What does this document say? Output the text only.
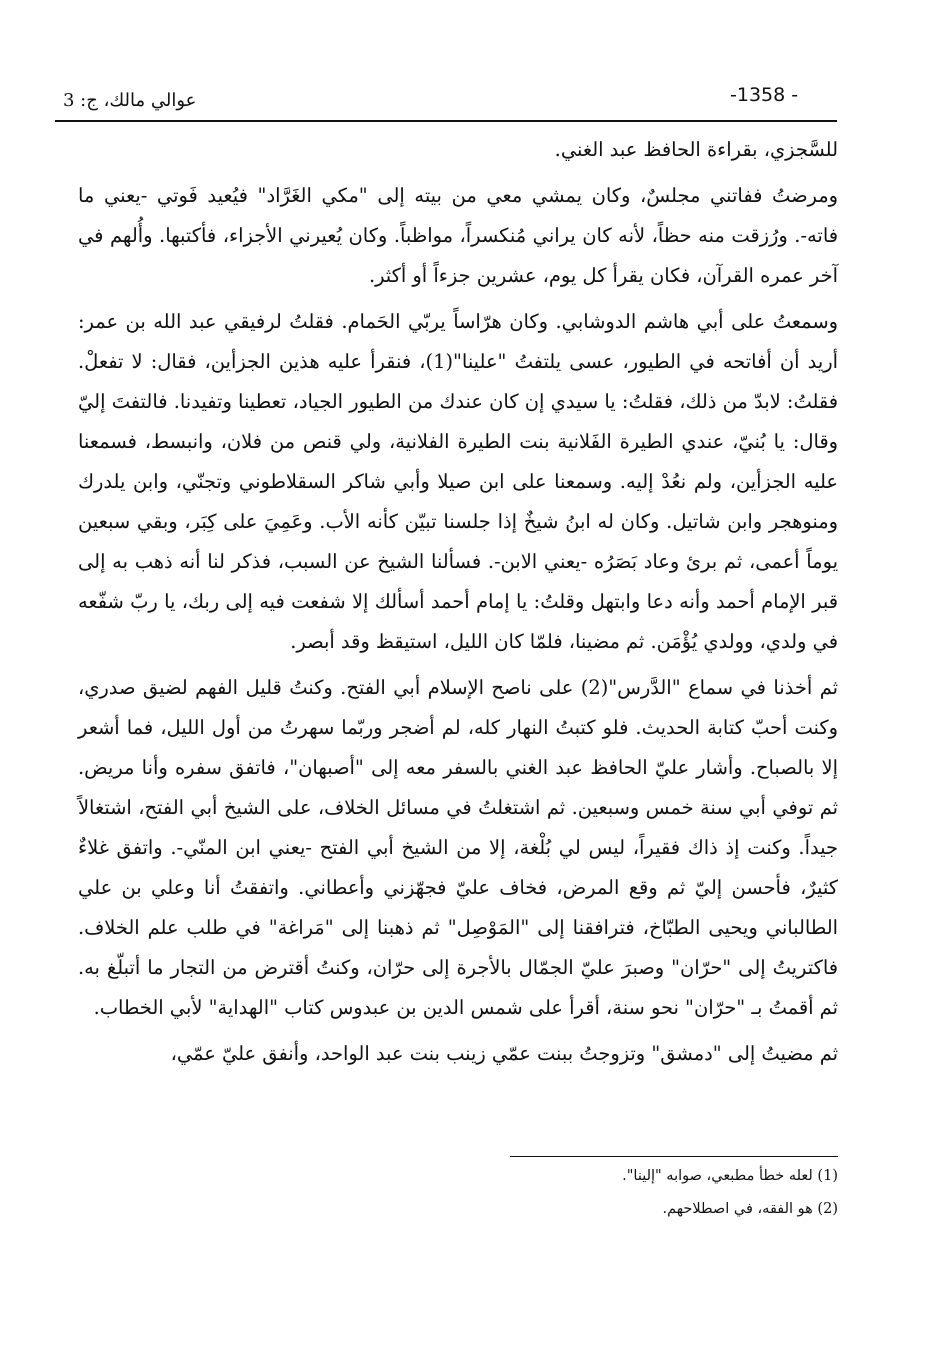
-1358 -
عوالي مالك، ج: 3

للسَّجزي، بقراءة الحافظ عبد الغني.

ومرضتُ ففاتني مجلسٌ، وكان يمشي معي من بيته إلى "مكي الغَرَّاد" فيُعيد فَوتي -يعني ما فاته-. ورُزقت منه حظاً، لأنه كان يراني مُنكسراً، مواظباً. وكان يُعيرني الأجزاء، فأكتبها. وأُلهم في آخر عمره القرآن، فكان يقرأ كل يوم، عشرين جزءاً أو أكثر.

وسمعتُ على أبي هاشم الدوشابي. وكان هرّاساً يربّي الحَمام. فقلتُ لرفيقي عبد الله بن عمر: أريد أن أفاتحه في الطيور، عسى يلتفتُ "علينا"(1)، فنقرأ عليه هذين الجزأين، فقال: لا تفعلْ. فقلتُ: لابدّ من ذلك، فقلتُ: يا سيدي إن كان عندك من الطيور الجياد، تعطينا وتفيدنا. فالتفتَ إليّ وقال: يا بُنيّ، عندي الطيرة الفَلانية بنت الطيرة الفلانية، ولي قنص من فلان، وانبسط، فسمعنا عليه الجزأين، ولم نعُدْ إليه. وسمعنا على ابن صيلا وأبي شاكر السقلاطوني وتجنّي، وابن يلدرك ومنوهجر وابن شاتيل. وكان له ابنُ شيخٌ إذا جلسنا تبيّن كأنه الأب. وعَمِيَ على كِبَر، وبقي سبعين يوماً أعمى، ثم برئ وعاد بَصَرُه -يعني الابن-. فسألنا الشيخ عن السبب، فذكر لنا أنه ذهب به إلى قبر الإمام أحمد وأنه دعا وابتهل وقلتُ: يا إمام أحمد أسألك إلا شفعت فيه إلى ربك، يا ربّ شفّعه في ولدي، وولدي يُؤْمَن. ثم مضينا، فلمّا كان الليل، استيقظ وقد أبصر.

ثم أخذنا في سماع "الدَّرس"(2) على ناصح الإسلام أبي الفتح. وكنتُ قليل الفهم لضيق صدري، وكنت أحبّ كتابة الحديث. فلو كتبتُ النهار كله، لم أضجر وربّما سهرتُ من أول الليل، فما أشعر إلا بالصباح. وأشار عليّ الحافظ عبد الغني بالسفر معه إلى "أصبهان"، فاتفق سفره وأنا مريض. ثم توفي أبي سنة خمس وسبعين. ثم اشتغلتُ في مسائل الخلاف، على الشيخ أبي الفتح، اشتغالاً جيداً. وكنت إذ ذاك فقيراً، ليس لي بُلْغة، إلا من الشيخ أبي الفتح -يعني ابن المنّي-. واتفق غلاءٌ كثيرٌ، فأحسن إليّ ثم وقع المرض، فخاف عليّ فجهّزني وأعطاني. واتفقتُ أنا وعلي بن علي الطالباني ويحيى الطبّاخ، فترافقنا إلى "المَوْصِل" ثم ذهبنا إلى "مَراغة" في طلب علم الخلاف. فاكتريتُ إلى "حرّان" وصبرَ عليّ الجمّال بالأجرة إلى حرّان، وكنتُ أقترض من التجار ما أتبلّغ به. ثم أقمتُ بـ "حرّان" نحو سنة، أقرأ على شمس الدين بن عبدوس كتاب "الهداية" لأبي الخطاب.

ثم مضيتُ إلى "دمشق" وتزوجتُ ببنت عمّي زينب بنت عبد الواحد، وأنفق عليّ عمّي،

(1) لعله خطأ مطبعي، صوابه "إلينا".

(2) هو الفقه، في اصطلاحهم.
